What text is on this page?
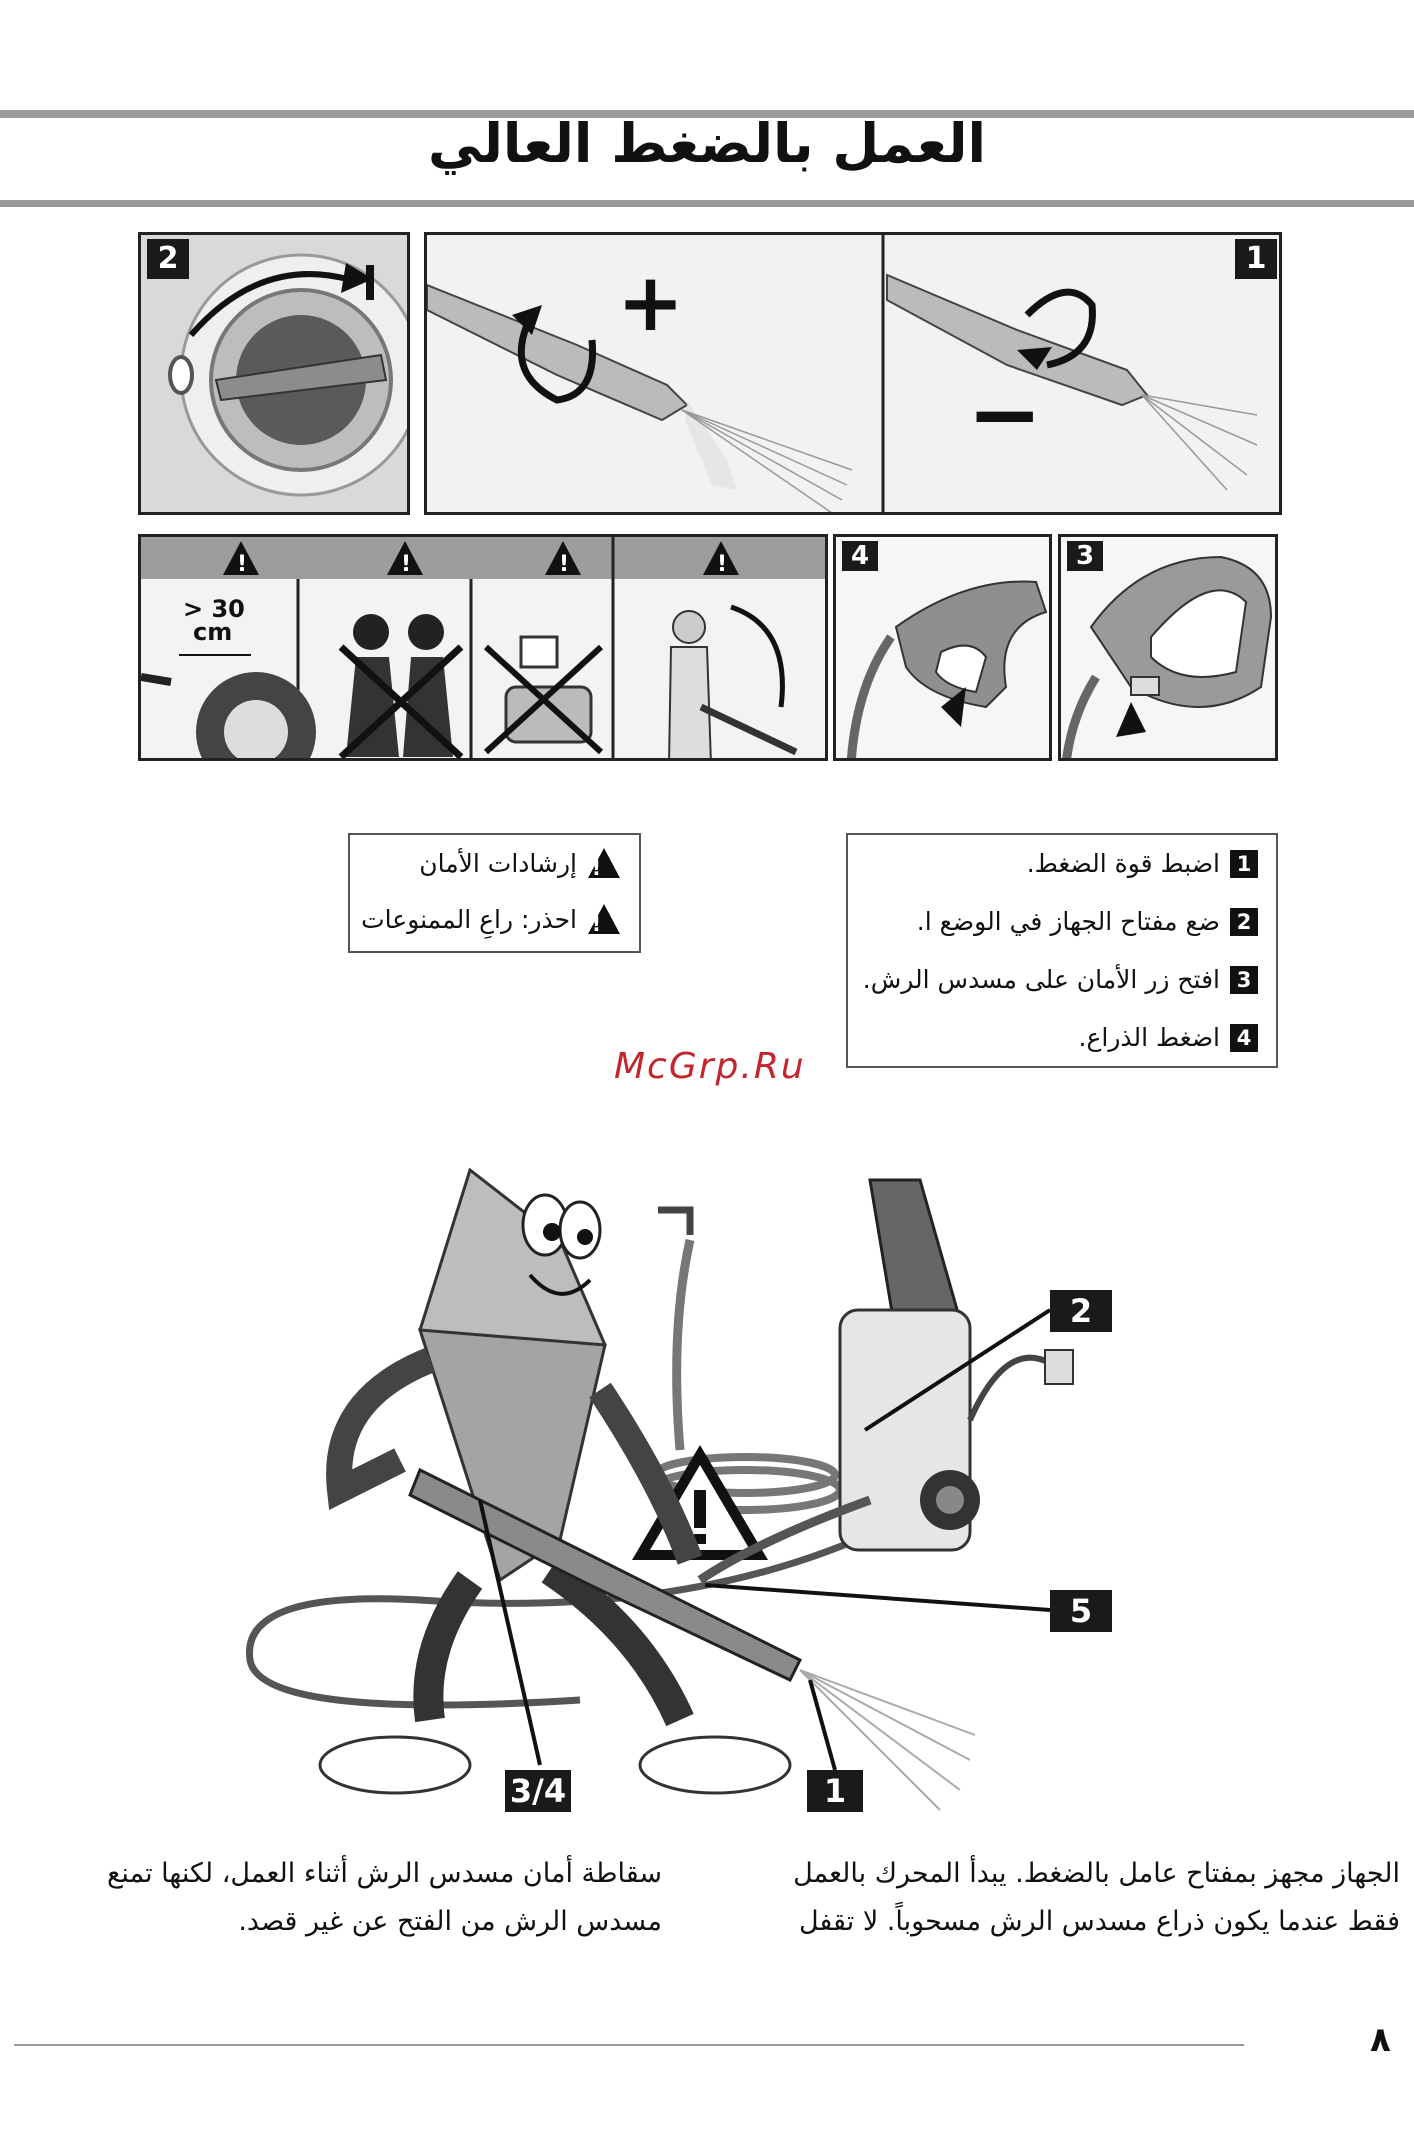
العمل بالضغط العالي
2	+
−
1
!	!	!	!
> 30
cm
4	3
!
إرشادات الأمان
!
احذر: راعِ الممنوعات
1
اضبط قوة الضغط.
2
ضع مفتاح الجهاز في الوضع ا.
3
افتح زر الأمان على مسدس الرش.
4
اضغط الذراع.
McGrp.Ru
2
5
1
3/4
الجهاز مجهز بمفتاح عامل بالضغط. يبدأ المحرك بالعمل
فقط عندما يكون ذراع مسدس الرش مسحوباً. لا تقفل
سقاطة أمان مسدس الرش أثناء العمل، لكنها تمنع
مسدس الرش من الفتح عن غير قصد.
٨
